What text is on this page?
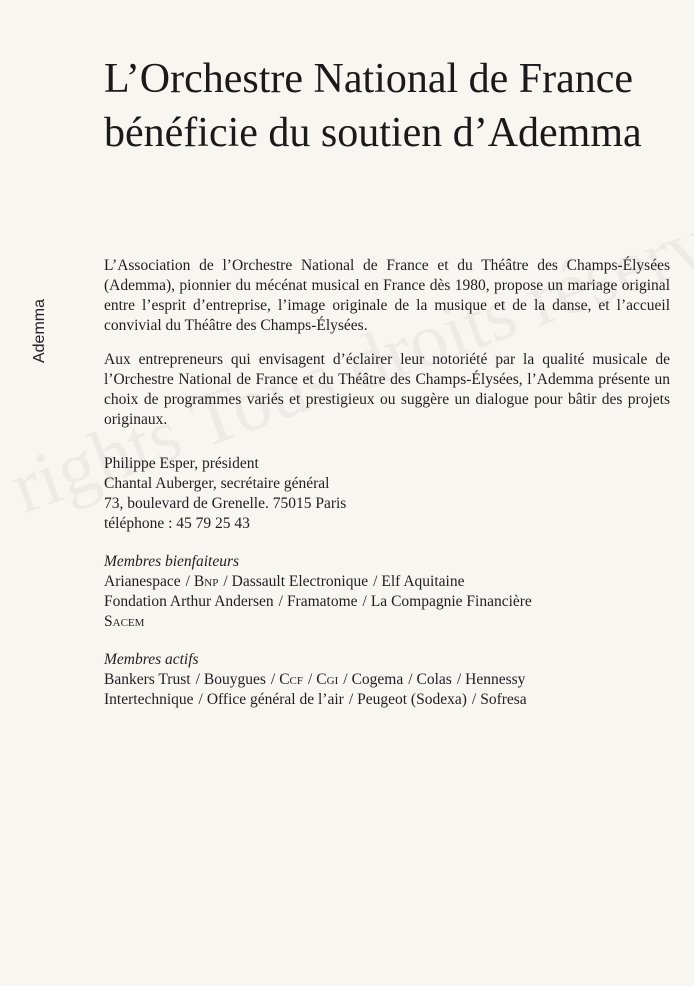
Ademma
L’Orchestre National de France bénéficie du soutien d’Ademma

L’Association de l’Orchestre National de France et du Théâtre des Champs-Élysées (Ademma), pionnier du mécénat musical en France dès 1980, propose un mariage original entre l’esprit d’entreprise, l’image originale de la musique et de la danse, et l’accueil convivial du Théâtre des Champs-Élysées.

Aux entrepreneurs qui envisagent d’éclairer leur notoriété par la qualité musicale de l’Orchestre National de France et du Théâtre des Champs-Élysées, l’Ademma présente un choix de programmes variés et prestigieux ou suggère un dialogue pour bâtir des projets originaux.

Philippe Esper, président
Chantal Auberger, secrétaire général
73, boulevard de Grenelle. 75015 Paris
téléphone : 45 79 25 43
Membres bienfaiteurs
Arianespace / Bnp / Dassault Electronique / Elf Aquitaine
Fondation Arthur Andersen / Framatome / La Compagnie Financière
Sacem
Membres actifs
Bankers Trust / Bouygues / Ccf / Cgi / Cogema / Colas / Hennessy
Intertechnique / Office général de l’air / Peugeot (Sodexa) / Sofresa
